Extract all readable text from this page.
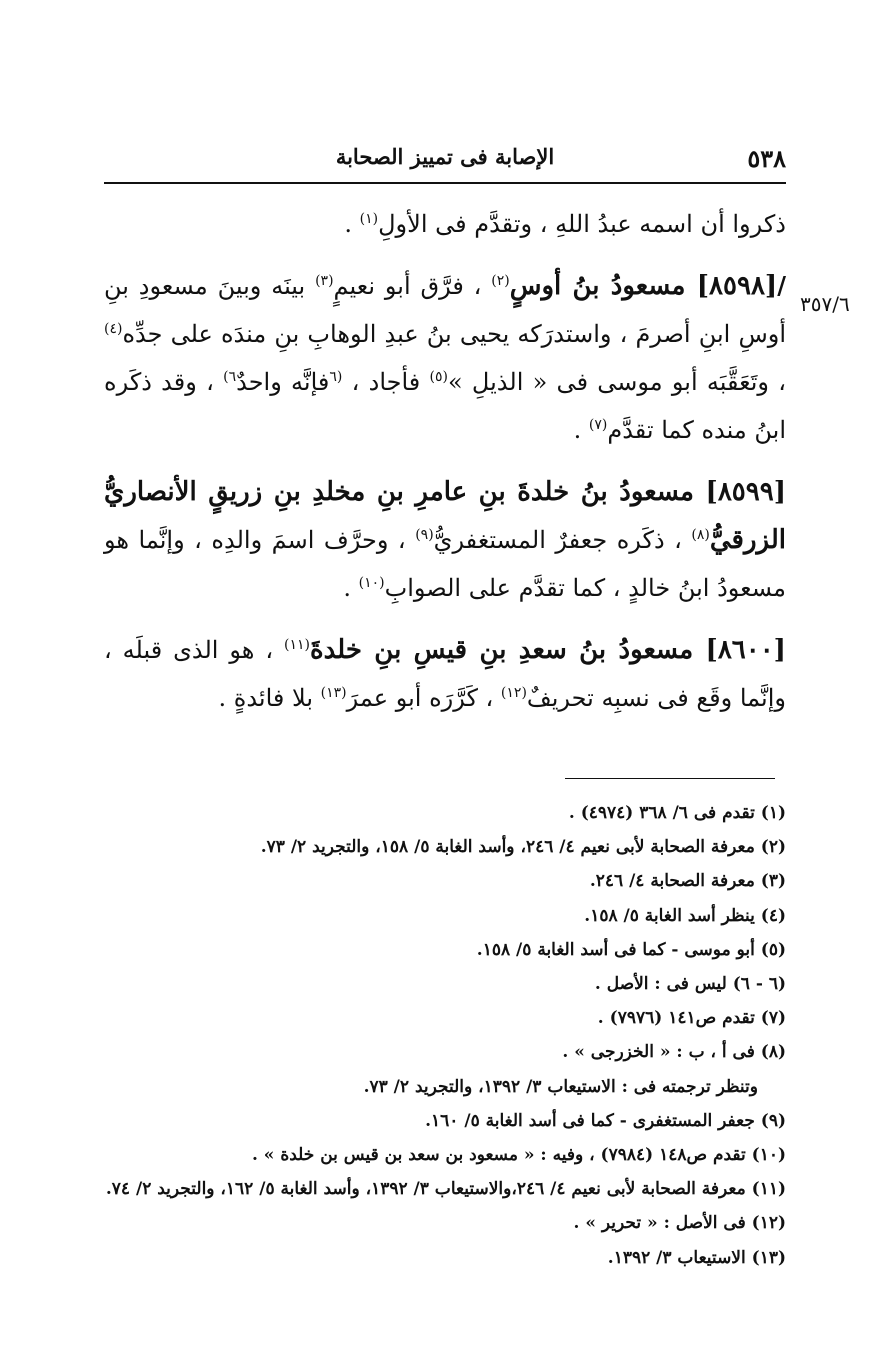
٥٣٨
الإصابة فى تمييز الصحابة
٣٥٧/٦

ذكروا أن اسمه عبدُ اللهِ ، وتقدَّم فى الأولِ$^{(١)}$ .

/[٨٥٩٨] مسعودُ بنُ أوسٍ$^{(٢)}$ ، فرَّق أبو نعيمٍ$^{(٣)}$ بينَه وبينَ مسعودِ بنِ أوسِ ابنِ أصرمَ ، واستدرَكه يحيى بنُ عبدِ الوهابِ بنِ مندَه على جدِّه$^{(٤)}$ ، وتَعَقَّبَه أبو موسى فى « الذيلِ »$^{(٥)}$ فأجاد ، $^{(٦}$فإنَّه واحدٌ$^{٦)}$ ، وقد ذكَره ابنُ منده كما تقدَّم$^{(٧)}$ .

[٨٥٩٩] مسعودُ بنُ خلدةَ بنِ عامرِ بنِ مخلدِ بنِ زريقٍ الأنصاريُّ الزرقيُّ$^{(٨)}$ ، ذكَره جعفرٌ المستغفريُّ$^{(٩)}$ ، وحرَّف اسمَ والدِه ، وإنَّما هو مسعودُ ابنُ خالدٍ ، كما تقدَّم على الصوابِ$^{(١٠)}$ .

[٨٦٠٠] مسعودُ بنُ سعدِ بنِ قيسِ بنِ خلدةَ$^{(١١)}$ ، هو الذى قبلَه ، وإنَّما وقَع فى نسبِه تحريفٌ$^{(١٢)}$ ، كَرَّرَه أبو عمرَ$^{(١٣)}$ بلا فائدةٍ .

(١) تقدم فى ٦/ ٣٦٨ (٤٩٧٤) .

(٢) معرفة الصحابة لأبى نعيم ٤/ ٢٤٦، وأسد الغابة ٥/ ١٥٨، والتجريد ٢/ ٧٣.

(٣) معرفة الصحابة ٤/ ٢٤٦.

(٤) ينظر أسد الغابة ٥/ ١٥٨.

(٥) أبو موسى - كما فى أسد الغابة ٥/ ١٥٨.

(٦ - ٦) ليس فى : الأصل .

(٧) تقدم ص١٤١ (٧٩٧٦) .

(٨) فى أ ، ب : « الخزرجى » .

وتنظر ترجمته فى : الاستيعاب ٣/ ١٣٩٢، والتجريد ٢/ ٧٣.

(٩) جعفر المستغفرى - كما فى أسد الغابة ٥/ ١٦٠.

(١٠) تقدم ص١٤٨ (٧٩٨٤) ، وفيه : « مسعود بن سعد بن قيس بن خلدة » .

(١١) معرفة الصحابة لأبى نعيم ٤/ ٢٤٦،والاستيعاب ٣/ ١٣٩٢، وأسد الغابة ٥/ ١٦٢، والتجريد ٢/ ٧٤.

(١٢) فى الأصل : « تحرير » .

(١٣) الاستيعاب ٣/ ١٣٩٢.
